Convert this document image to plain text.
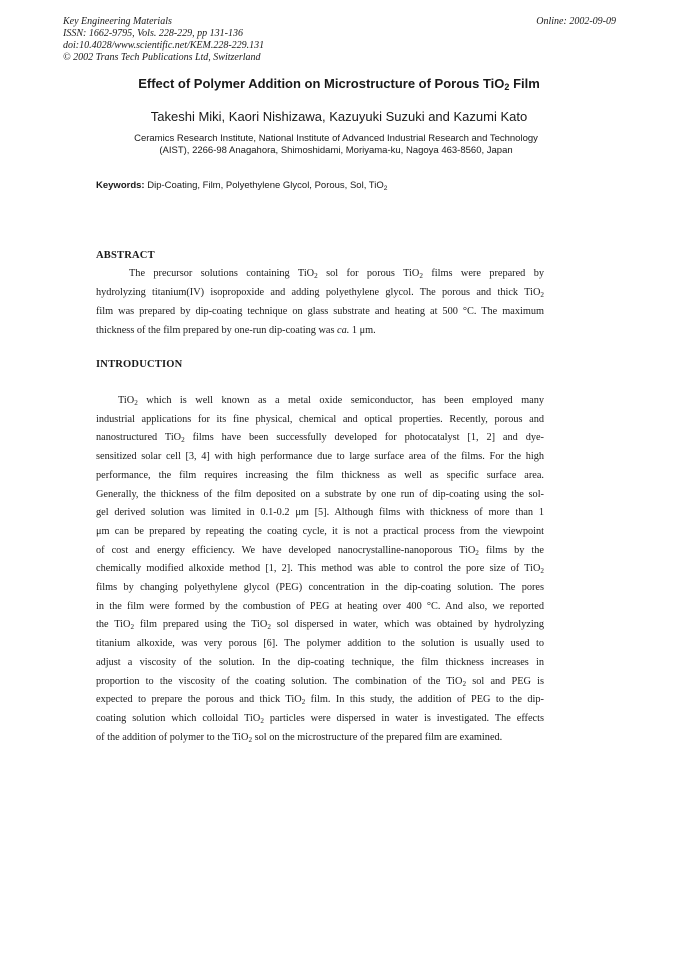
Key Engineering Materials
ISSN: 1662-9795, Vols. 228-229, pp 131-136
doi:10.4028/www.scientific.net/KEM.228-229.131
© 2002 Trans Tech Publications Ltd, Switzerland
Online: 2002-09-09
Effect of Polymer Addition on Microstructure of Porous TiO$_2$ Film
Takeshi Miki, Kaori Nishizawa, Kazuyuki Suzuki and Kazumi Kato
Ceramics Research Institute, National Institute of Advanced Industrial Research and Technology
(AIST), 2266-98 Anagahora, Shimoshidami, Moriyama-ku, Nagoya 463-8560, Japan
Keywords: Dip-Coating, Film, Polyethylene Glycol, Porous, Sol, TiO$_2$
ABSTRACT
The precursor solutions containing TiO$_2$ sol for porous TiO$_2$ films were prepared by
hydrolyzing titanium(IV) isopropoxide and adding polyethylene glycol. The porous and thick TiO$_2$
film was prepared by dip-coating technique on glass substrate and heating at 500 °C. The maximum
thickness of the film prepared by one-run dip-coating was ca. 1 μm.
INTRODUCTION
TiO$_2$ which is well known as a metal oxide semiconductor, has been employed many
industrial applications for its fine physical, chemical and optical properties. Recently, porous and
nanostructured TiO$_2$ films have been successfully developed for photocatalyst [1, 2] and dye-
sensitized solar cell [3, 4] with high performance due to large surface area of the films. For the high
performance, the film requires increasing the film thickness as well as specific surface area.
Generally, the thickness of the film deposited on a substrate by one run of dip-coating using the sol-
gel derived solution was limited in 0.1-0.2 μm [5]. Although films with thickness of more than 1
μm can be prepared by repeating the coating cycle, it is not a practical process from the viewpoint
of cost and energy efficiency. We have developed nanocrystalline-nanoporous TiO$_2$ films by the
chemically modified alkoxide method [1, 2]. This method was able to control the pore size of TiO$_2$
films by changing polyethylene glycol (PEG) concentration in the dip-coating solution. The pores
in the film were formed by the combustion of PEG at heating over 400 °C. And also, we reported
the TiO$_2$ film prepared using the TiO$_2$ sol dispersed in water, which was obtained by hydrolyzing
titanium alkoxide, was very porous [6]. The polymer addition to the solution is usually used to
adjust a viscosity of the solution. In the dip-coating technique, the film thickness increases in
proportion to the viscosity of the coating solution. The combination of the TiO$_2$ sol and PEG is
expected to prepare the porous and thick TiO$_2$ film. In this study, the addition of PEG to the dip-
coating solution which colloidal TiO$_2$ particles were dispersed in water is investigated. The effects
of the addition of polymer to the TiO$_2$ sol on the microstructure of the prepared film are examined.
